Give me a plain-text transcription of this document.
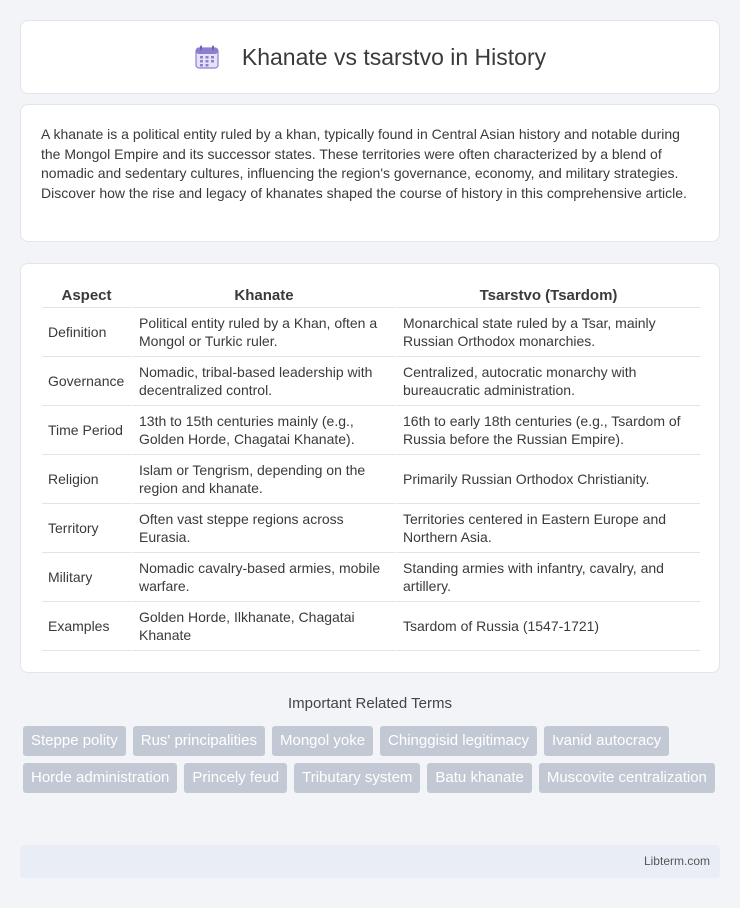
Khanate vs tsarstvo in History

A khanate is a political entity ruled by a khan, typically found in Central Asian history and notable during the Mongol Empire and its successor states. These territories were often characterized by a blend of nomadic and sedentary cultures, influencing the region's governance, economy, and military strategies. Discover how the rise and legacy of khanates shaped the course of history in this comprehensive article.

Aspect	Khanate	Tsarstvo (Tsardom)
Definition	Political entity ruled by a Khan, often a Mongol or Turkic ruler.	Monarchical state ruled by a Tsar, mainly Russian Orthodox monarchies.
Governance	Nomadic, tribal-based leadership with decentralized control.	Centralized, autocratic monarchy with bureaucratic administration.
Time Period	13th to 15th centuries mainly (e.g., Golden Horde, Chagatai Khanate).	16th to early 18th centuries (e.g., Tsardom of Russia before the Russian Empire).
Religion	Islam or Tengrism, depending on the region and khanate.	Primarily Russian Orthodox Christianity.
Territory	Often vast steppe regions across Eurasia.	Territories centered in Eastern Europe and Northern Asia.
Military	Nomadic cavalry-based armies, mobile warfare.	Standing armies with infantry, cavalry, and artillery.
Examples	Golden Horde, Ilkhanate, Chagatai Khanate	Tsardom of Russia (1547-1721)
Important Related Terms
Steppe polity	Rus' principalities	Mongol yoke	Chinggisid legitimacy	Ivanid autocracy
Horde administration	Princely feud	Tributary system	Batu khanate	Muscovite centralization
Libterm.com
